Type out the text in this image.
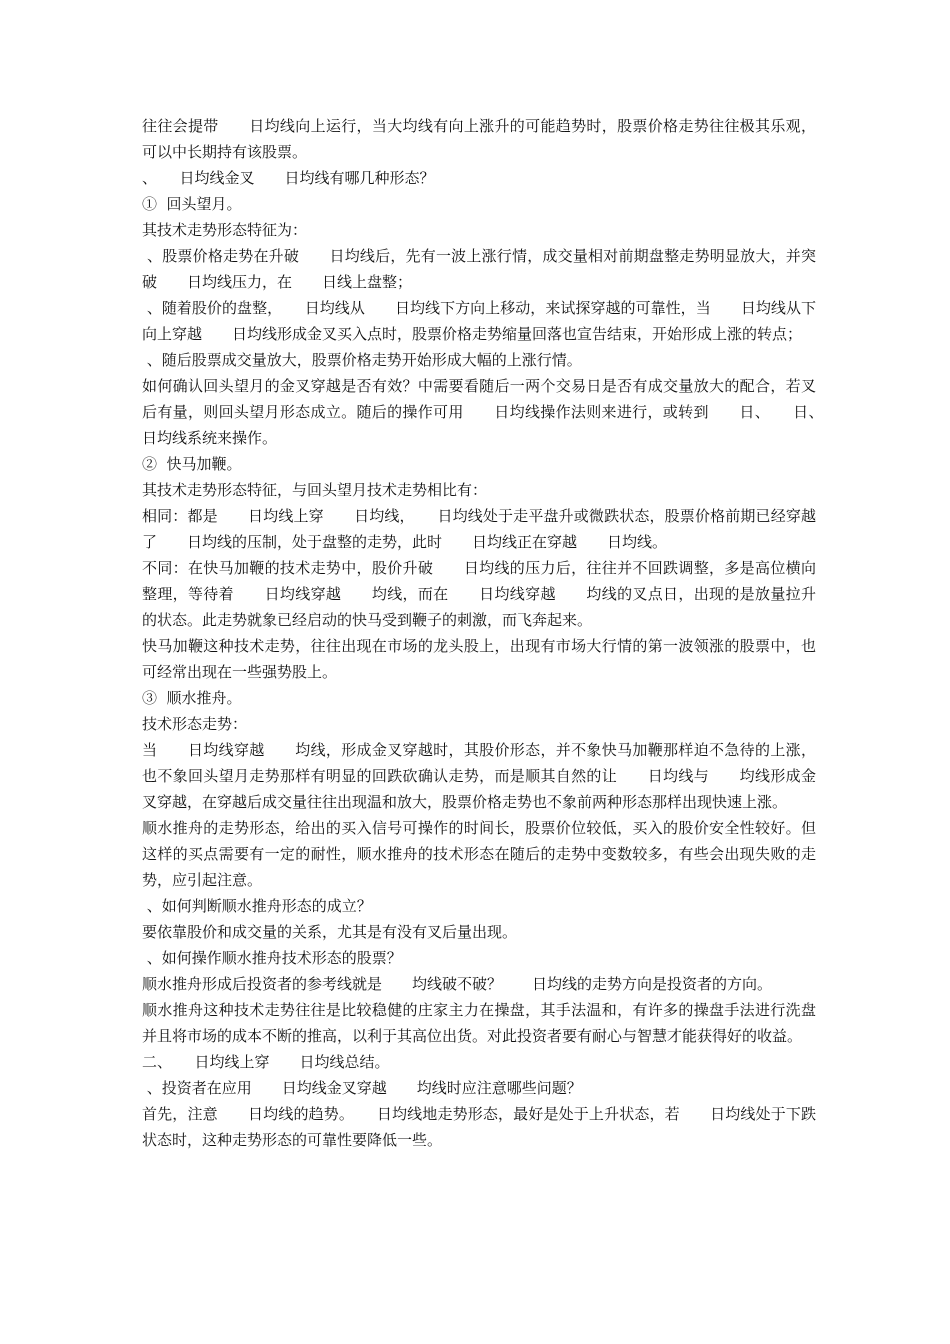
往往会提带　　日均线向上运行，当大均线有向上涨升的可能趋势时，股票价格走势往往极其乐观，可以中长期持有该股票。

、　　日均线金叉　　日均线有哪几种形态？

①  回头望月。

其技术走势形态特征为：

、股票价格走势在升破　　日均线后，先有一波上涨行情，成交量相对前期盘整走势明显放大，并突破　　日均线压力，在　　日线上盘整；

、随着股价的盘整，　　日均线从　　日均线下方向上移动，来试探穿越的可靠性，当　　日均线从下向上穿越　　日均线形成金叉买入点时，股票价格走势缩量回落也宣告结束，开始形成上涨的转点；

、随后股票成交量放大，股票价格走势开始形成大幅的上涨行情。

如何确认回头望月的金叉穿越是否有效？中需要看随后一两个交易日是否有成交量放大的配合，若叉后有量，则回头望月形态成立。随后的操作可用　　日均线操作法则来进行，或转到　　日、　　日、　　日均线系统来操作。

②  快马加鞭。

其技术走势形态特征，与回头望月技术走势相比有：

相同：都是　　日均线上穿　　日均线，　　日均线处于走平盘升或微跌状态，股票价格前期已经穿越了　　日均线的压制，处于盘整的走势，此时　　日均线正在穿越　　日均线。

不同：在快马加鞭的技术走势中，股价升破　　日均线的压力后，往往并不回跌调整，多是高位横向整理，等待着　　日均线穿越　　均线，而在　　日均线穿越　　均线的叉点日，出现的是放量拉升的状态。此走势就象已经启动的快马受到鞭子的刺激，而飞奔起来。

快马加鞭这种技术走势，往往出现在市场的龙头股上，出现有市场大行情的第一波领涨的股票中，也可经常出现在一些强势股上。

③  顺水推舟。

技术形态走势：

当　　日均线穿越　　均线，形成金叉穿越时，其股价形态，并不象快马加鞭那样迫不急待的上涨，也不象回头望月走势那样有明显的回跌砍确认走势，而是顺其自然的让　　日均线与　　均线形成金叉穿越，在穿越后成交量往往出现温和放大，股票价格走势也不象前两种形态那样出现快速上涨。

顺水推舟的走势形态，给出的买入信号可操作的时间长，股票价位较低，买入的股价安全性较好。但这样的买点需要有一定的耐性，顺水推舟的技术形态在随后的走势中变数较多，有些会出现失败的走势，应引起注意。

、如何判断顺水推舟形态的成立？

要依靠股价和成交量的关系，尤其是有没有叉后量出现。

、如何操作顺水推舟技术形态的股票？

顺水推舟形成后投资者的参考线就是　　均线破不破？　　日均线的走势方向是投资者的方向。

顺水推舟这种技术走势往往是比较稳健的庄家主力在操盘，其手法温和，有许多的操盘手法进行洗盘并且将市场的成本不断的推高，以利于其高位出货。对此投资者要有耐心与智慧才能获得好的收益。

二、　　日均线上穿　　日均线总结。

、投资者在应用　　日均线金叉穿越　　均线时应注意哪些问题？

首先，注意　　日均线的趋势。　　日均线地走势形态，最好是处于上升状态，若　　日均线处于下跌状态时，这种走势形态的可靠性要降低一些。
